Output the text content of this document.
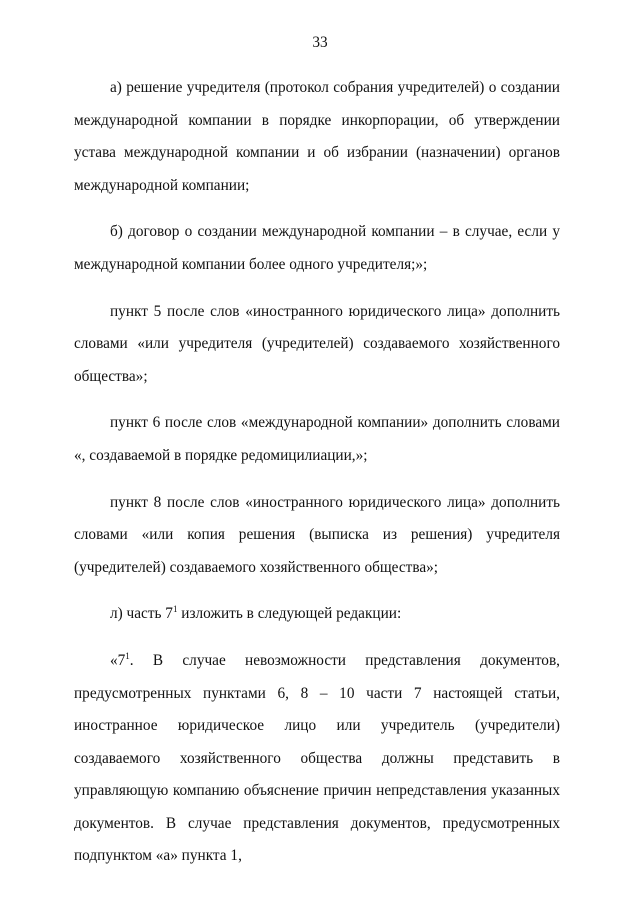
33

а) решение учредителя (протокол собрания учредителей) о создании международной компании в порядке инкорпорации, об утверждении устава международной компании и об избрании (назначении) органов международной компании;

б) договор о создании международной компании – в случае, если у международной компании более одного учредителя;»;

пункт 5 после слов «иностранного юридического лица» дополнить словами «или учредителя (учредителей) создаваемого хозяйственного общества»;

пункт 6 после слов «международной компании» дополнить словами «, создаваемой в порядке редомицилиации,»;

пункт 8 после слов «иностранного юридического лица» дополнить словами «или копия решения (выписка из решения) учредителя (учредителей) создаваемого хозяйственного общества»;

л) часть $7^1$ изложить в следующей редакции:

«$7^1$. В случае невозможности представления документов, предусмотренных пунктами 6, 8 – 10 части 7 настоящей статьи, иностранное юридическое лицо или учредитель (учредители) создаваемого хозяйственного общества должны представить в управляющую компанию объяснение причин непредставления указанных документов. В случае представления документов, предусмотренных подпунктом «а» пункта 1,
